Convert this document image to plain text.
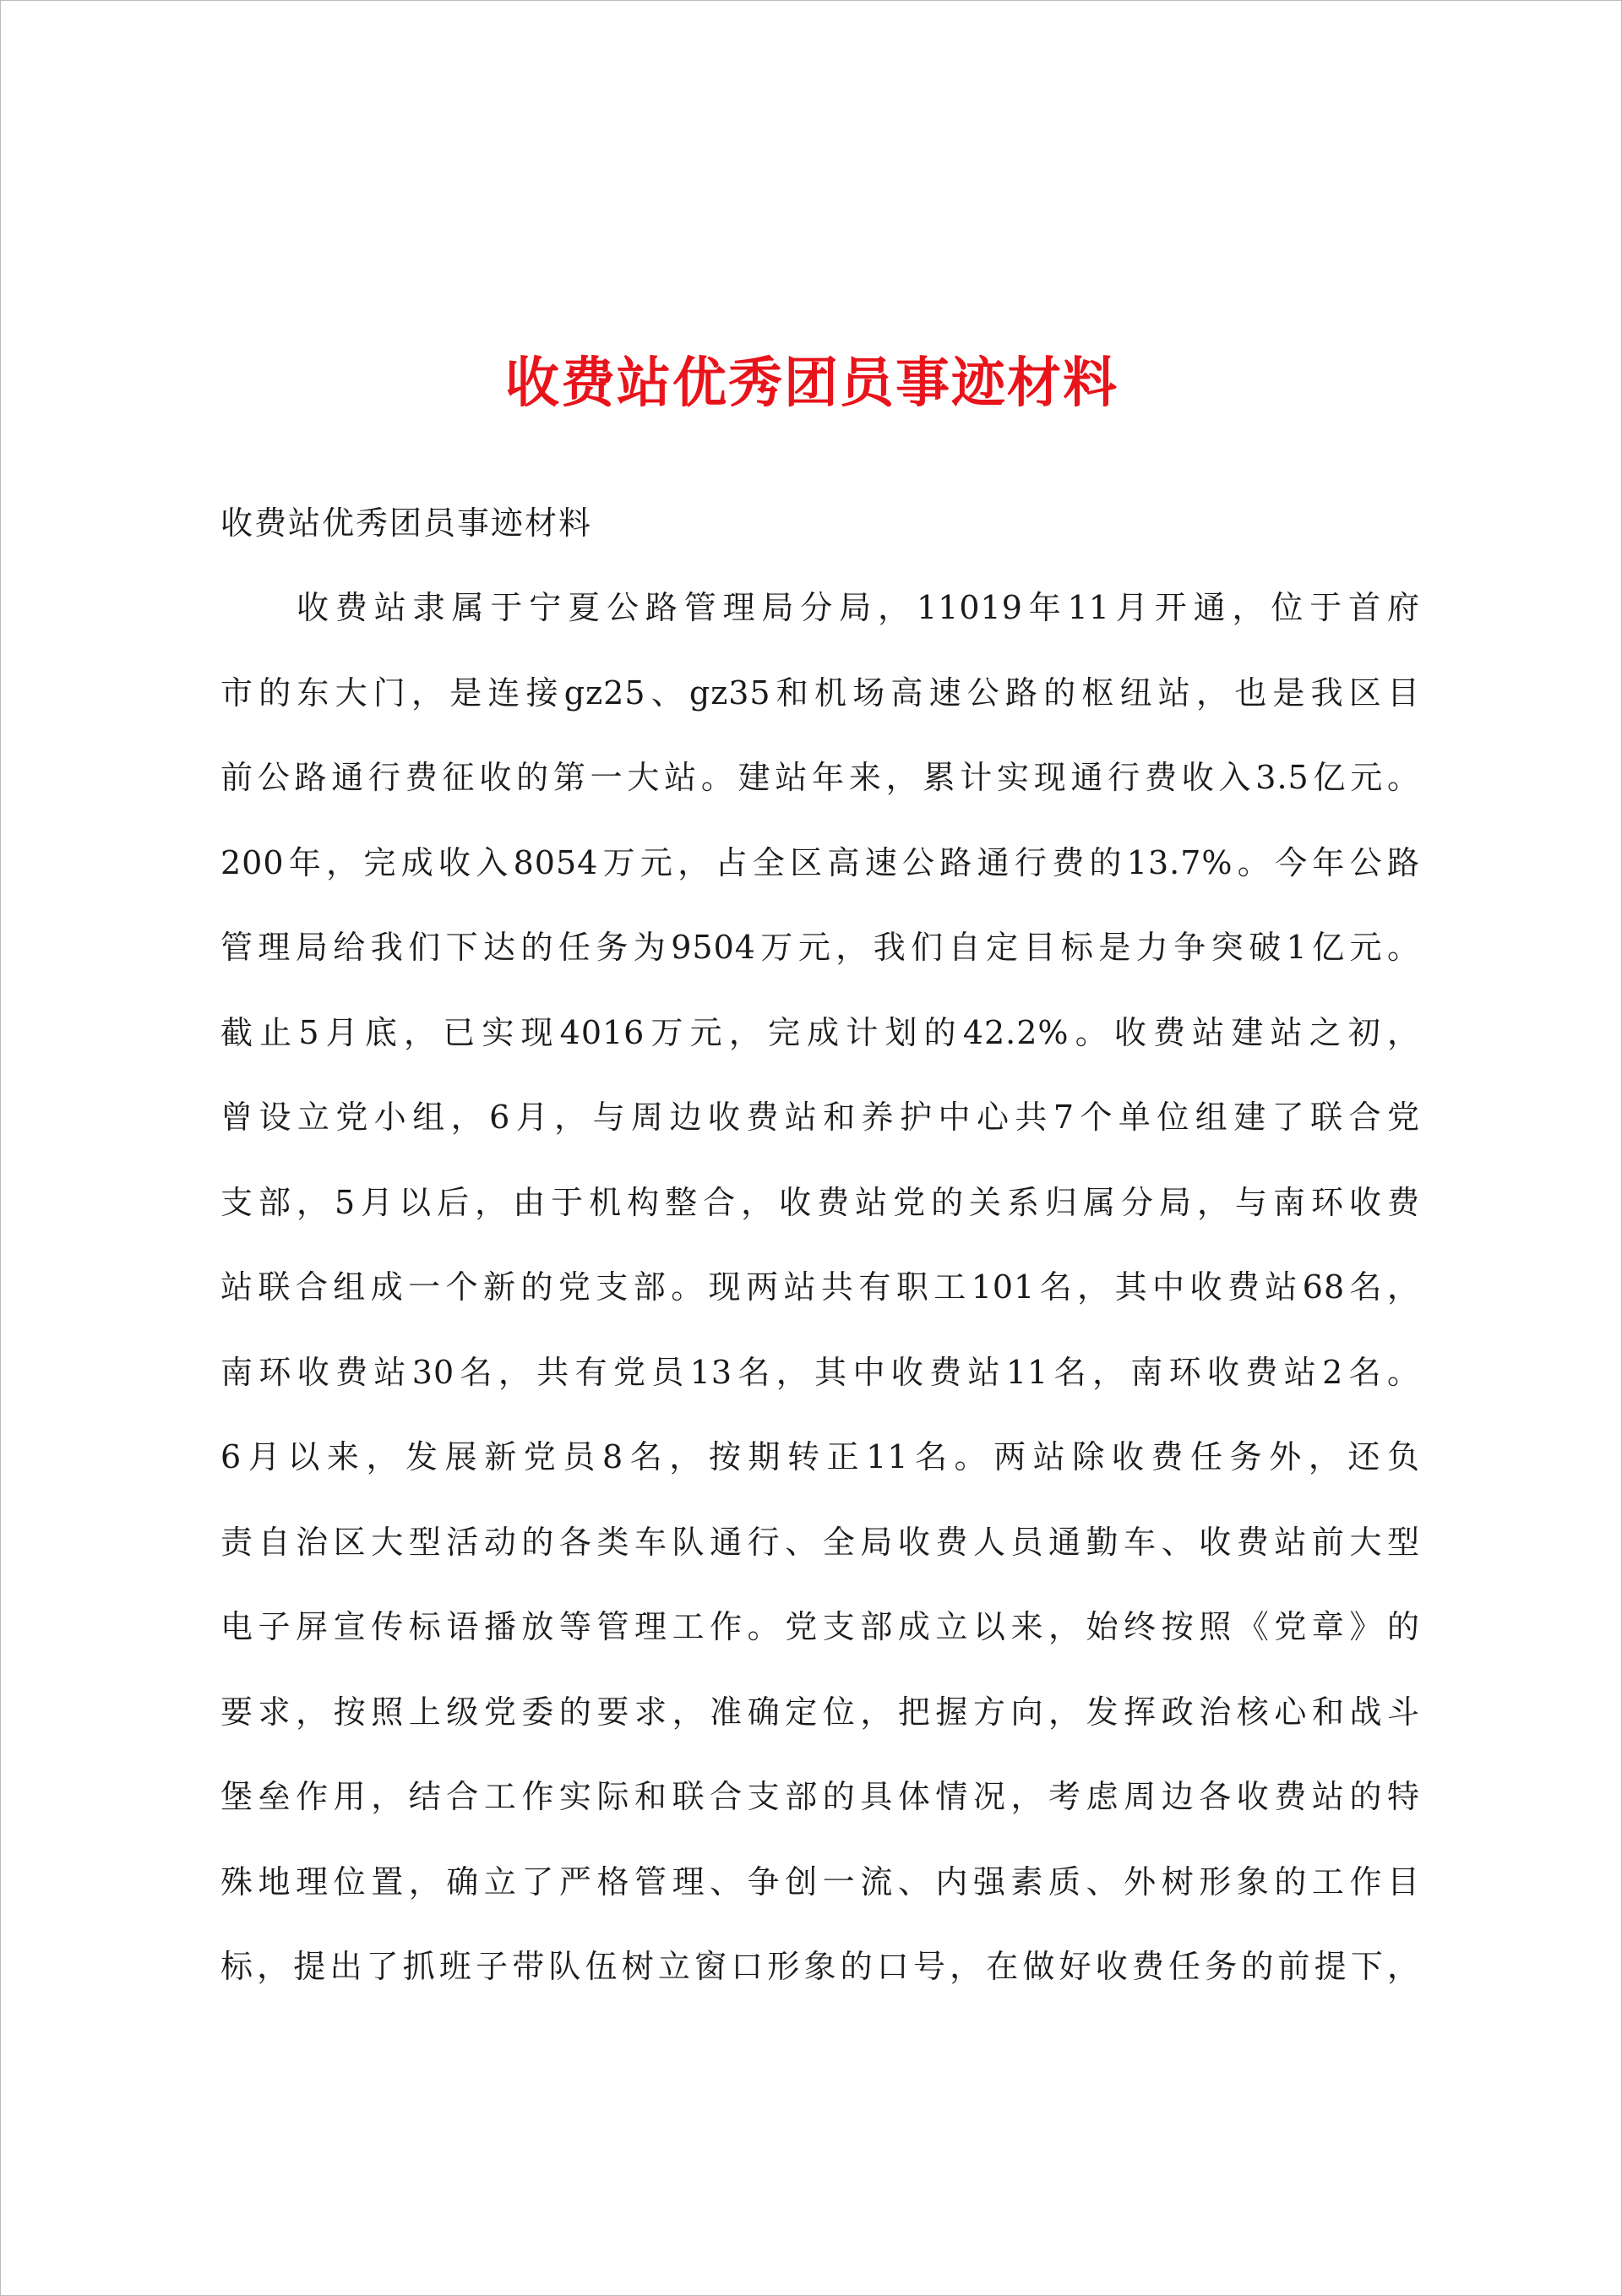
收费站优秀团员事迹材料
收费站优秀团员事迹材料
收费站隶属于宁夏公路管理局分局，11019年11月开通，位于首府
市的东大门，是连接gz25、gz35和机场高速公路的枢纽站，也是我区目
前公路通行费征收的第一大站。建站年来，累计实现通行费收入3.5亿元。
200年，完成收入8054万元，占全区高速公路通行费的13.7%。今年公路
管理局给我们下达的任务为9504万元，我们自定目标是力争突破1亿元。
截止5月底，已实现4016万元，完成计划的42.2%。收费站建站之初，
曾设立党小组，6月，与周边收费站和养护中心共7个单位组建了联合党
支部，5月以后，由于机构整合，收费站党的关系归属分局，与南环收费
站联合组成一个新的党支部。现两站共有职工101名，其中收费站68名，
南环收费站30名，共有党员13名，其中收费站11名，南环收费站2名。
6月以来，发展新党员8名，按期转正11名。两站除收费任务外，还负
责自治区大型活动的各类车队通行、全局收费人员通勤车、收费站前大型
电子屏宣传标语播放等管理工作。党支部成立以来，始终按照《党章》的
要求，按照上级党委的要求，准确定位，把握方向，发挥政治核心和战斗
堡垒作用，结合工作实际和联合支部的具体情况，考虑周边各收费站的特
殊地理位置，确立了严格管理、争创一流、内强素质、外树形象的工作目
标，提出了抓班子带队伍树立窗口形象的口号，在做好收费任务的前提下，
